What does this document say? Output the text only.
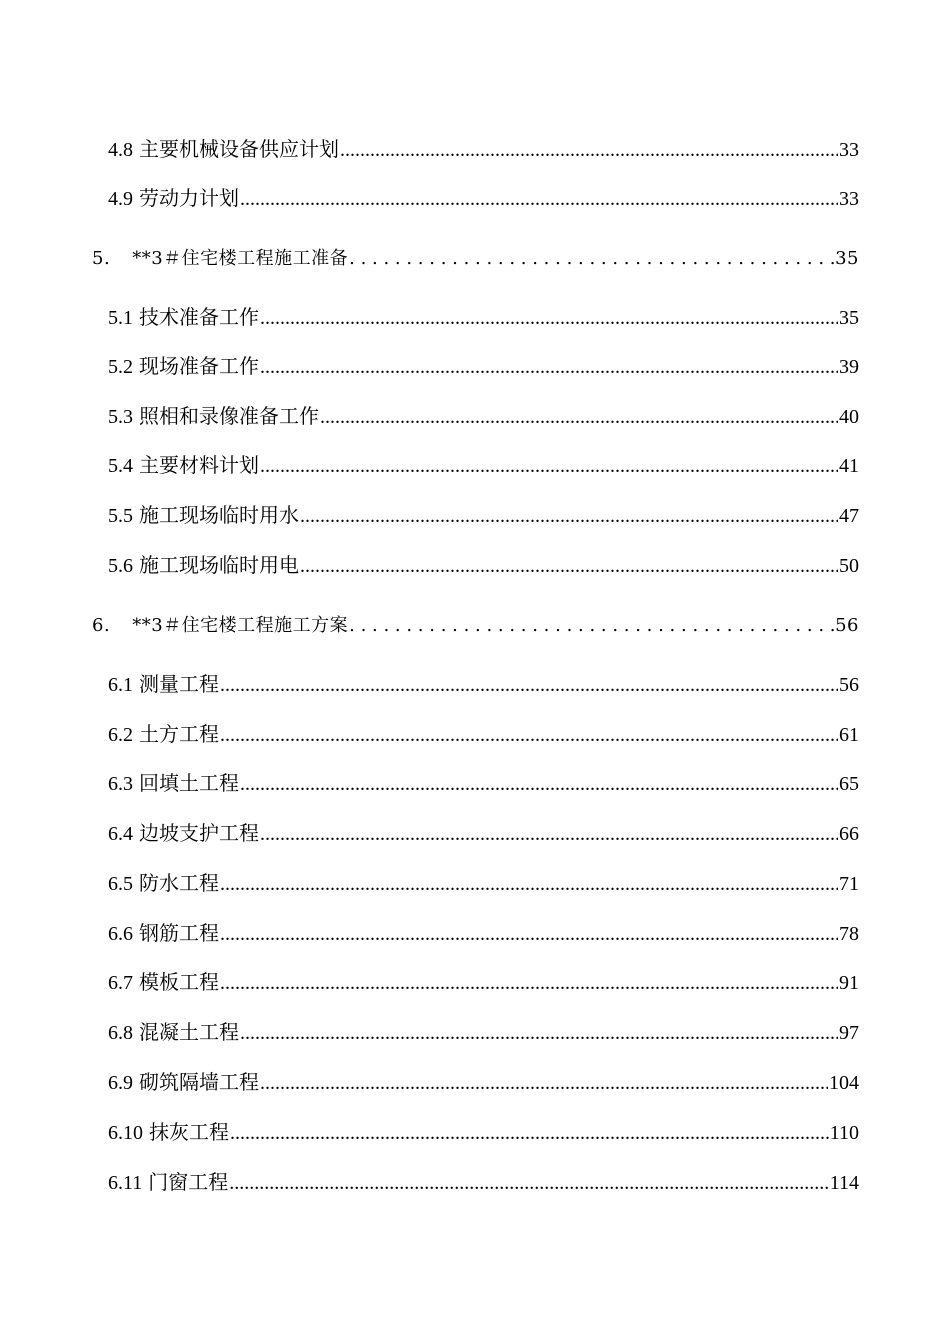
4.8 主要机械设备供应计划 .....	33
4.9 劳动力计划 .....	33
5.	**3＃住宅楼工程施工准备 . . .	35
5.1 技术准备工作 .....	35
5.2 现场准备工作 .....	39
5.3 照相和录像准备工作 .....	40
5.4 主要材料计划 .....	41
5.5 施工现场临时用水 .....	47
5.6 施工现场临时用电 .....	50
6.	**3＃住宅楼工程施工方案 . . .	56
6.1 测量工程 .....	56
6.2 土方工程 .....	61
6.3 回填土工程 .....	65
6.4 边坡支护工程 .....	66
6.5 防水工程 .....	71
6.6 钢筋工程 .....	78
6.7 模板工程 .....	91
6.8 混凝土工程 .....	97
6.9 砌筑隔墙工程 .....	104
6.10 抹灰工程 .....	110
6.11 门窗工程 .....	114
